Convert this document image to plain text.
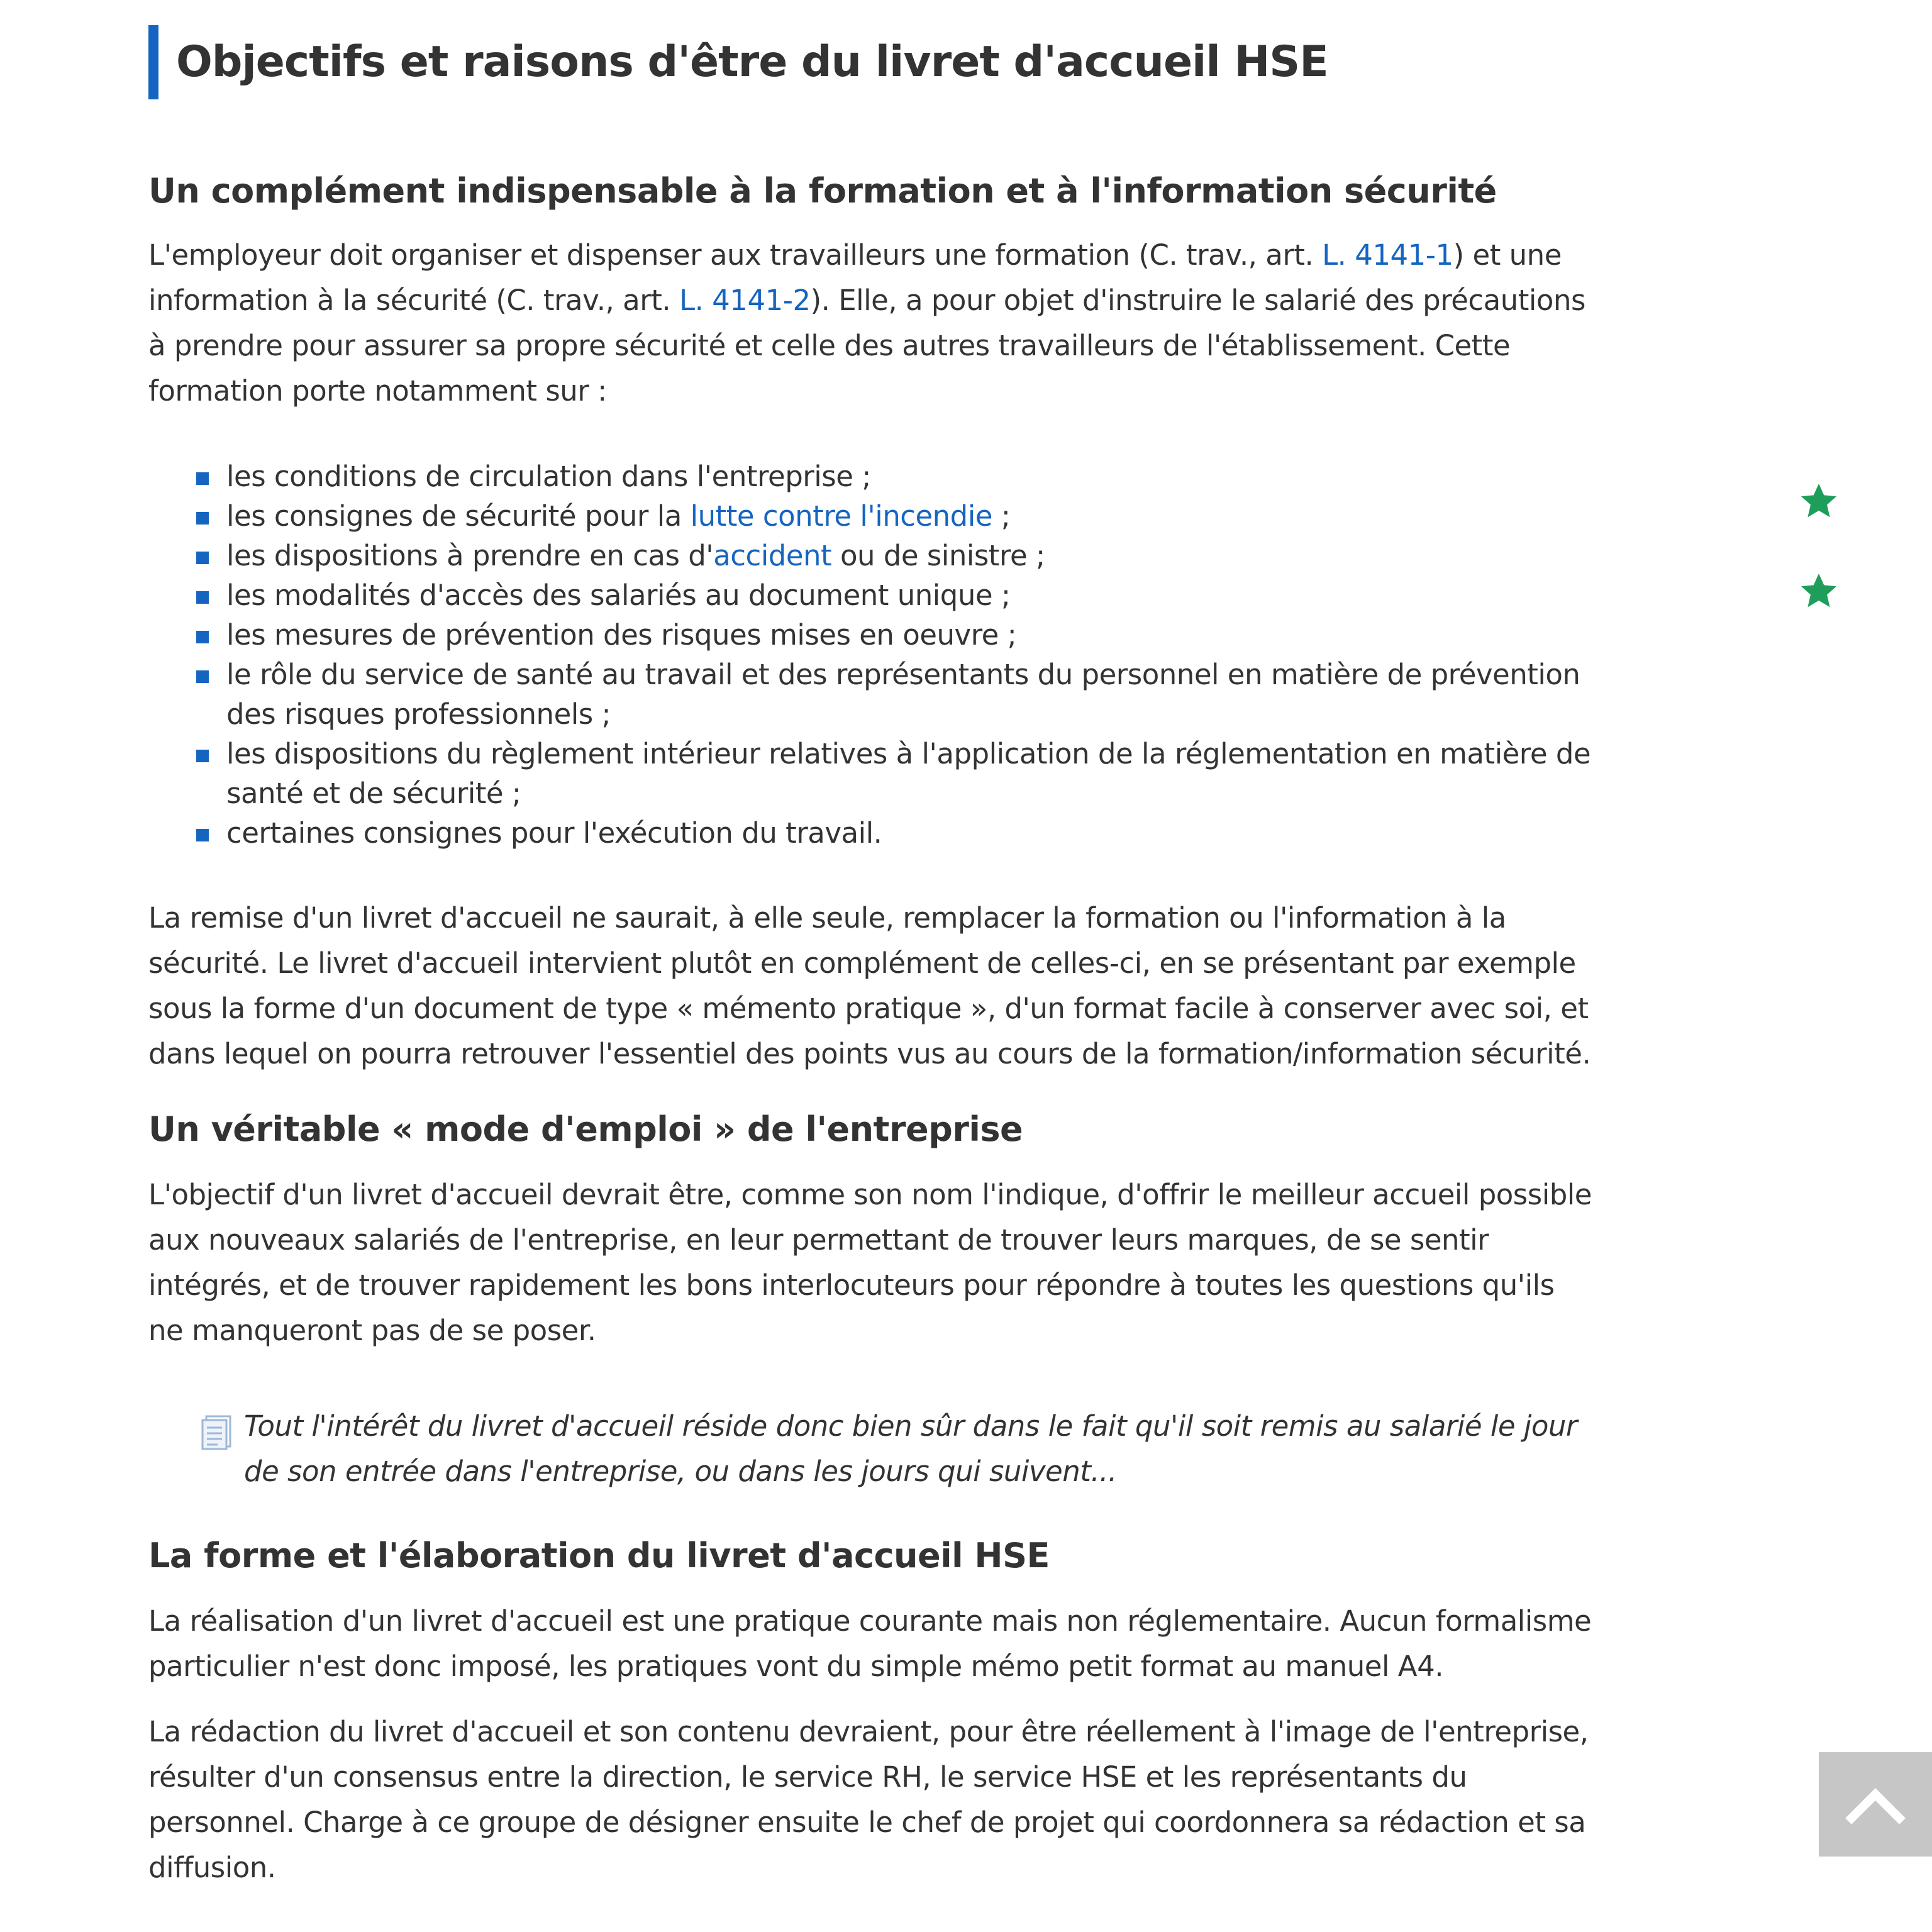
Objectifs et raisons d'être du livret d'accueil HSE
Un complément indispensable à la formation et à l'information sécurité

L'employeur doit organiser et dispenser aux travailleurs une formation (C. trav., art. L. 4141-1) et une information à la sécurité (C. trav., art. L. 4141-2). Elle, a pour objet d'instruire le salarié des précautions à prendre pour assurer sa propre sécurité et celle des autres travailleurs de l'établissement. Cette formation porte notamment sur :

les conditions de circulation dans l'entreprise ;
les consignes de sécurité pour la lutte contre l'incendie ;
les dispositions à prendre en cas d'accident ou de sinistre ;
les modalités d'accès des salariés au document unique ;
les mesures de prévention des risques mises en oeuvre ;
le rôle du service de santé au travail et des représentants du personnel en matière de prévention des risques professionnels ;
les dispositions du règlement intérieur relatives à l'application de la réglementation en matière de santé et de sécurité ;
certaines consignes pour l'exécution du travail.

La remise d'un livret d'accueil ne saurait, à elle seule, remplacer la formation ou l'information à la sécurité. Le livret d'accueil intervient plutôt en complément de celles-ci, en se présentant par exemple sous la forme d'un document de type « mémento pratique », d'un format facile à conserver avec soi, et dans lequel on pourra retrouver l'essentiel des points vus au cours de la formation/information sécurité.

Un véritable « mode d'emploi » de l'entreprise

L'objectif d'un livret d'accueil devrait être, comme son nom l'indique, d'offrir le meilleur accueil possible aux nouveaux salariés de l'entreprise, en leur permettant de trouver leurs marques, de se sentir intégrés, et de trouver rapidement les bons interlocuteurs pour répondre à toutes les questions qu'ils ne manqueront pas de se poser.

Tout l'intérêt du livret d'accueil réside donc bien sûr dans le fait qu'il soit remis au salarié le jour de son entrée dans l'entreprise, ou dans les jours qui suivent...
La forme et l'élaboration du livret d'accueil HSE

La réalisation d'un livret d'accueil est une pratique courante mais non réglementaire. Aucun formalisme particulier n'est donc imposé, les pratiques vont du simple mémo petit format au manuel A4.

La rédaction du livret d'accueil et son contenu devraient, pour être réellement à l'image de l'entreprise, résulter d'un consensus entre la direction, le service RH, le service HSE et les représentants du personnel. Charge à ce groupe de désigner ensuite le chef de projet qui coordonnera sa rédaction et sa diffusion.
